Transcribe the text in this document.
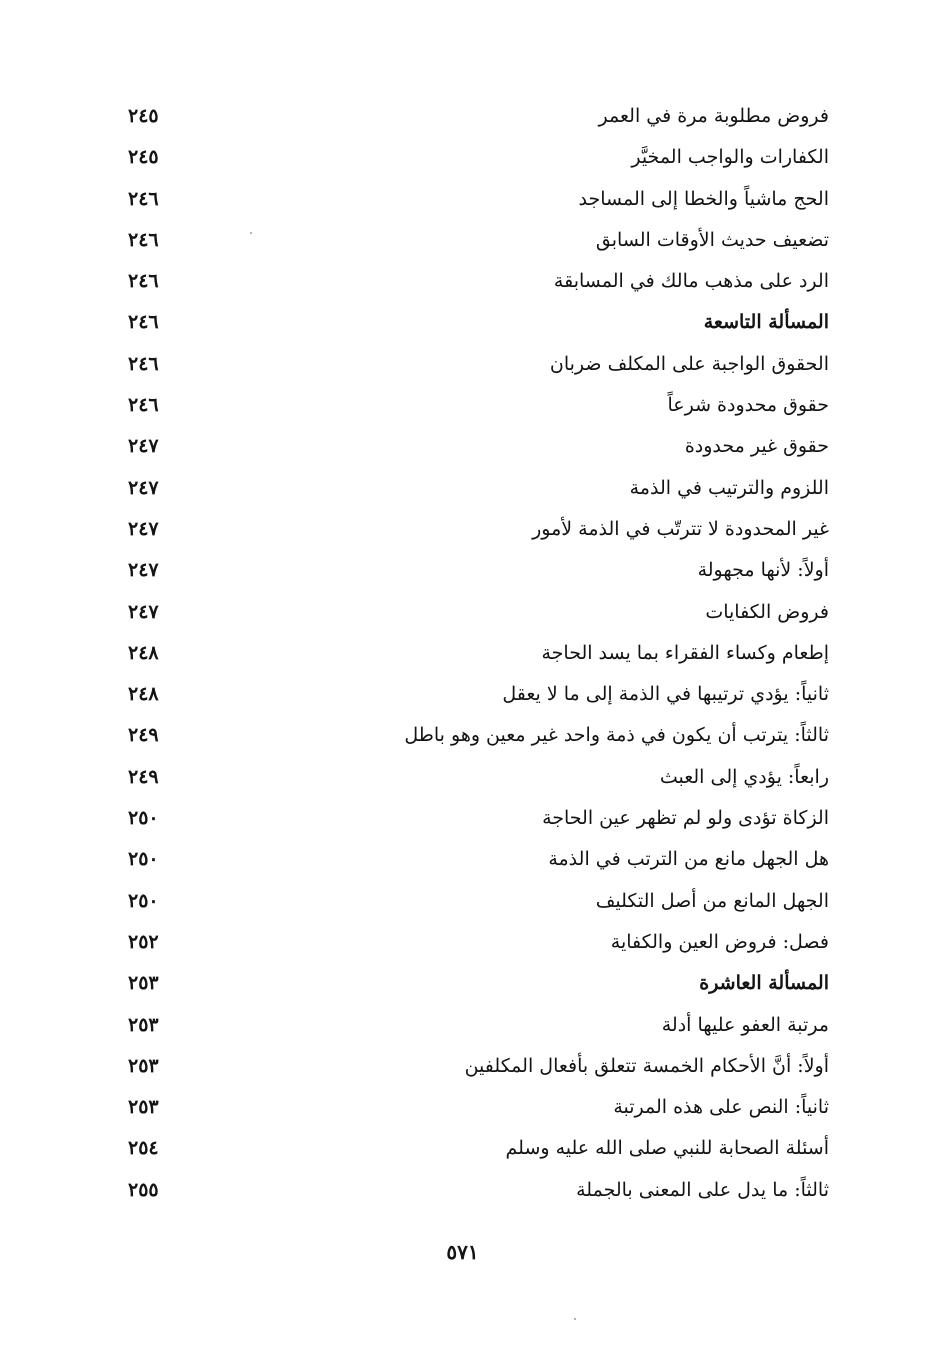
فروض مطلوبة مرة في العمر
٢٤٥
الكفارات والواجب المخيَّر
٢٤٥
الحج ماشياً والخطا إلى المساجد
٢٤٦
تضعيف حديث الأوقات السابق
٢٤٦
الرد على مذهب مالك في المسابقة
٢٤٦
المسألة التاسعة
٢٤٦
الحقوق الواجبة على المكلف ضربان
٢٤٦
حقوق محدودة شرعاً
٢٤٦
حقوق غير محدودة
٢٤٧
اللزوم والترتيب في الذمة
٢٤٧
غير المحدودة لا تترتّب في الذمة لأمور
٢٤٧
أولاً: لأنها مجهولة
٢٤٧
فروض الكفايات
٢٤٧
إطعام وكساء الفقراء بما يسد الحاجة
٢٤٨
ثانياً: يؤدي ترتيبها في الذمة إلى ما لا يعقل
٢٤٨
ثالثاً: يترتب أن يكون في ذمة واحد غير معين وهو باطل
٢٤٩
رابعاً: يؤدي إلى العبث
٢٤٩
الزكاة تؤدى ولو لم تظهر عين الحاجة
٢٥٠
هل الجهل مانع من الترتب في الذمة
٢٥٠
الجهل المانع من أصل التكليف
٢٥٠
فصل: فروض العين والكفاية
٢٥٢
المسألة العاشرة
٢٥٣
مرتبة العفو عليها أدلة
٢٥٣
أولاً: أنَّ الأحكام الخمسة تتعلق بأفعال المكلفين
٢٥٣
ثانياً: النص على هذه المرتبة
٢٥٣
أسئلة الصحابة للنبي صلى الله عليه وسلم
٢٥٤
ثالثاً: ما يدل على المعنى بالجملة
٢٥٥
٥٧١
